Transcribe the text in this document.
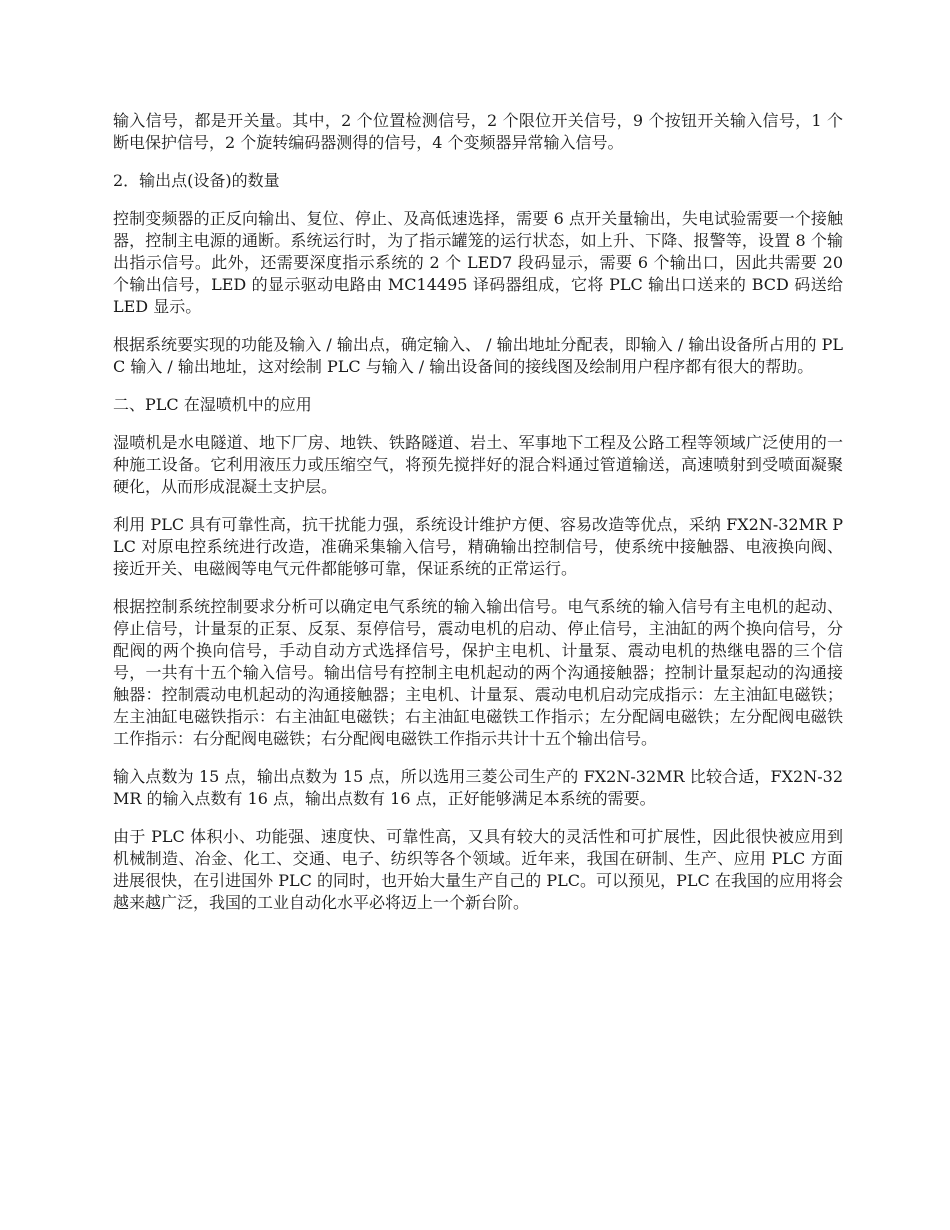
输入信号，都是开关量。其中，2 个位置检测信号，2 个限位开关信号，9 个按钮开关输入信号，1 个断电保护信号，2 个旋转编码器测得的信号，4 个变频器异常输入信号。

2．输出点(设备)的数量

控制变频器的正反向输出、复位、停止、及高低速选择，需要 6 点开关量输出，失电试验需要一个接触器，控制主电源的通断。系统运行时，为了指示罐笼的运行状态，如上升、下降、报警等，设置 8 个输出指示信号。此外，还需要深度指示系统的 2 个 LED7 段码显示，需要 6 个输出口，因此共需要 20 个输出信号，LED 的显示驱动电路由 MC14495 译码器组成，它将 PLC 输出口送来的 BCD 码送给 LED 显示。

根据系统要实现的功能及输入 / 输出点，确定输入、 / 输出地址分配表，即输入 / 输出设备所占用的 PLC 输入 / 输出地址，这对绘制 PLC 与输入 / 输出设备间的接线图及绘制用户程序都有很大的帮助。

二、PLC 在湿喷机中的应用

湿喷机是水电隧道、地下厂房、地铁、铁路隧道、岩土、军事地下工程及公路工程等领域广泛使用的一种施工设备。它利用液压力或压缩空气，将预先搅拌好的混合料通过管道输送，高速喷射到受喷面凝聚硬化，从而形成混凝土支护层。

利用 PLC 具有可靠性高，抗干扰能力强，系统设计维护方便、容易改造等优点，采纳 FX2N-32MR PLC 对原电控系统进行改造，准确采集输入信号，精确输出控制信号，使系统中接触器、电液换向阀、接近开关、电磁阀等电气元件都能够可靠，保证系统的正常运行。

根据控制系统控制要求分析可以确定电气系统的输入输出信号。电气系统的输入信号有主电机的起动、停止信号，计量泵的正泵、反泵、泵停信号，震动电机的启动、停止信号，主油缸的两个换向信号，分配阀的两个换向信号，手动自动方式选择信号，保护主电机、计量泵、震动电机的热继电器的三个信号，一共有十五个输入信号。输出信号有控制主电机起动的两个沟通接触器；控制计量泵起动的沟通接触器：控制震动电机起动的沟通接触器；主电机、计量泵、震动电机启动完成指示：左主油缸电磁铁；左主油缸电磁铁指示：右主油缸电磁铁；右主油缸电磁铁工作指示；左分配阔电磁铁；左分配阀电磁铁工作指示：右分配阀电磁铁；右分配阀电磁铁工作指示共计十五个输出信号。

输入点数为 15 点，输出点数为 15 点，所以选用三菱公司生产的 FX2N-32MR 比较合适，FX2N-32MR 的输入点数有 16 点，输出点数有 16 点，正好能够满足本系统的需要。

由于 PLC 体积小、功能强、速度快、可靠性高，又具有较大的灵活性和可扩展性，因此很快被应用到机械制造、冶金、化工、交通、电子、纺织等各个领域。近年来，我国在研制、生产、应用 PLC 方面进展很快，在引进国外 PLC 的同时，也开始大量生产自己的 PLC。可以预见，PLC 在我国的应用将会越来越广泛，我国的工业自动化水平必将迈上一个新台阶。
